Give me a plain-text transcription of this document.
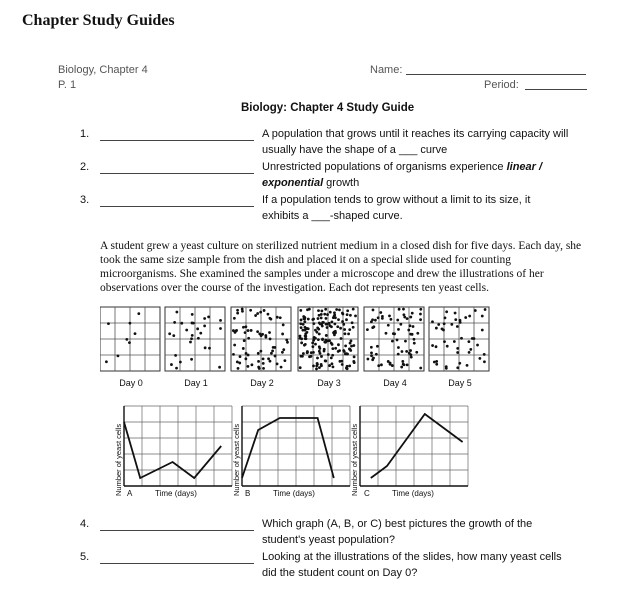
Chapter Study Guides
Biology, Chapter 4
P. 1
Name:
Period:
Biology: Chapter 4 Study Guide
1.	A population that grows until it reaches its carrying capacity will
usually have the shape of a ___ curve
2.	Unrestricted populations of organisms experience linear /
exponential growth
3.	If a population tends to grow without a limit to its size, it
exhibits a ___-shaped curve.
A student grew a yeast culture on sterilized nutrient medium in a closed dish for five days. Each day, she took the same size sample from the dish and placed it on a special slide used for counting microorganisms. She examined the samples under a microscope and drew the illustrations of her observations over the course of the investigation. Each dot represents ten yeast cells.
Day 0	Day 1	Day 2	Day 3	Day 4	Day 5
Number of yeast cells	Number of yeast cells	Number of yeast cells
A	Time (days)	B	Time (days)	C	Time (days)
4.	Which graph (A, B, or C) best pictures the growth of the
student's yeast population?
5.	Looking at the illustrations of the slides, how many yeast cells
did the student count on Day 0?
